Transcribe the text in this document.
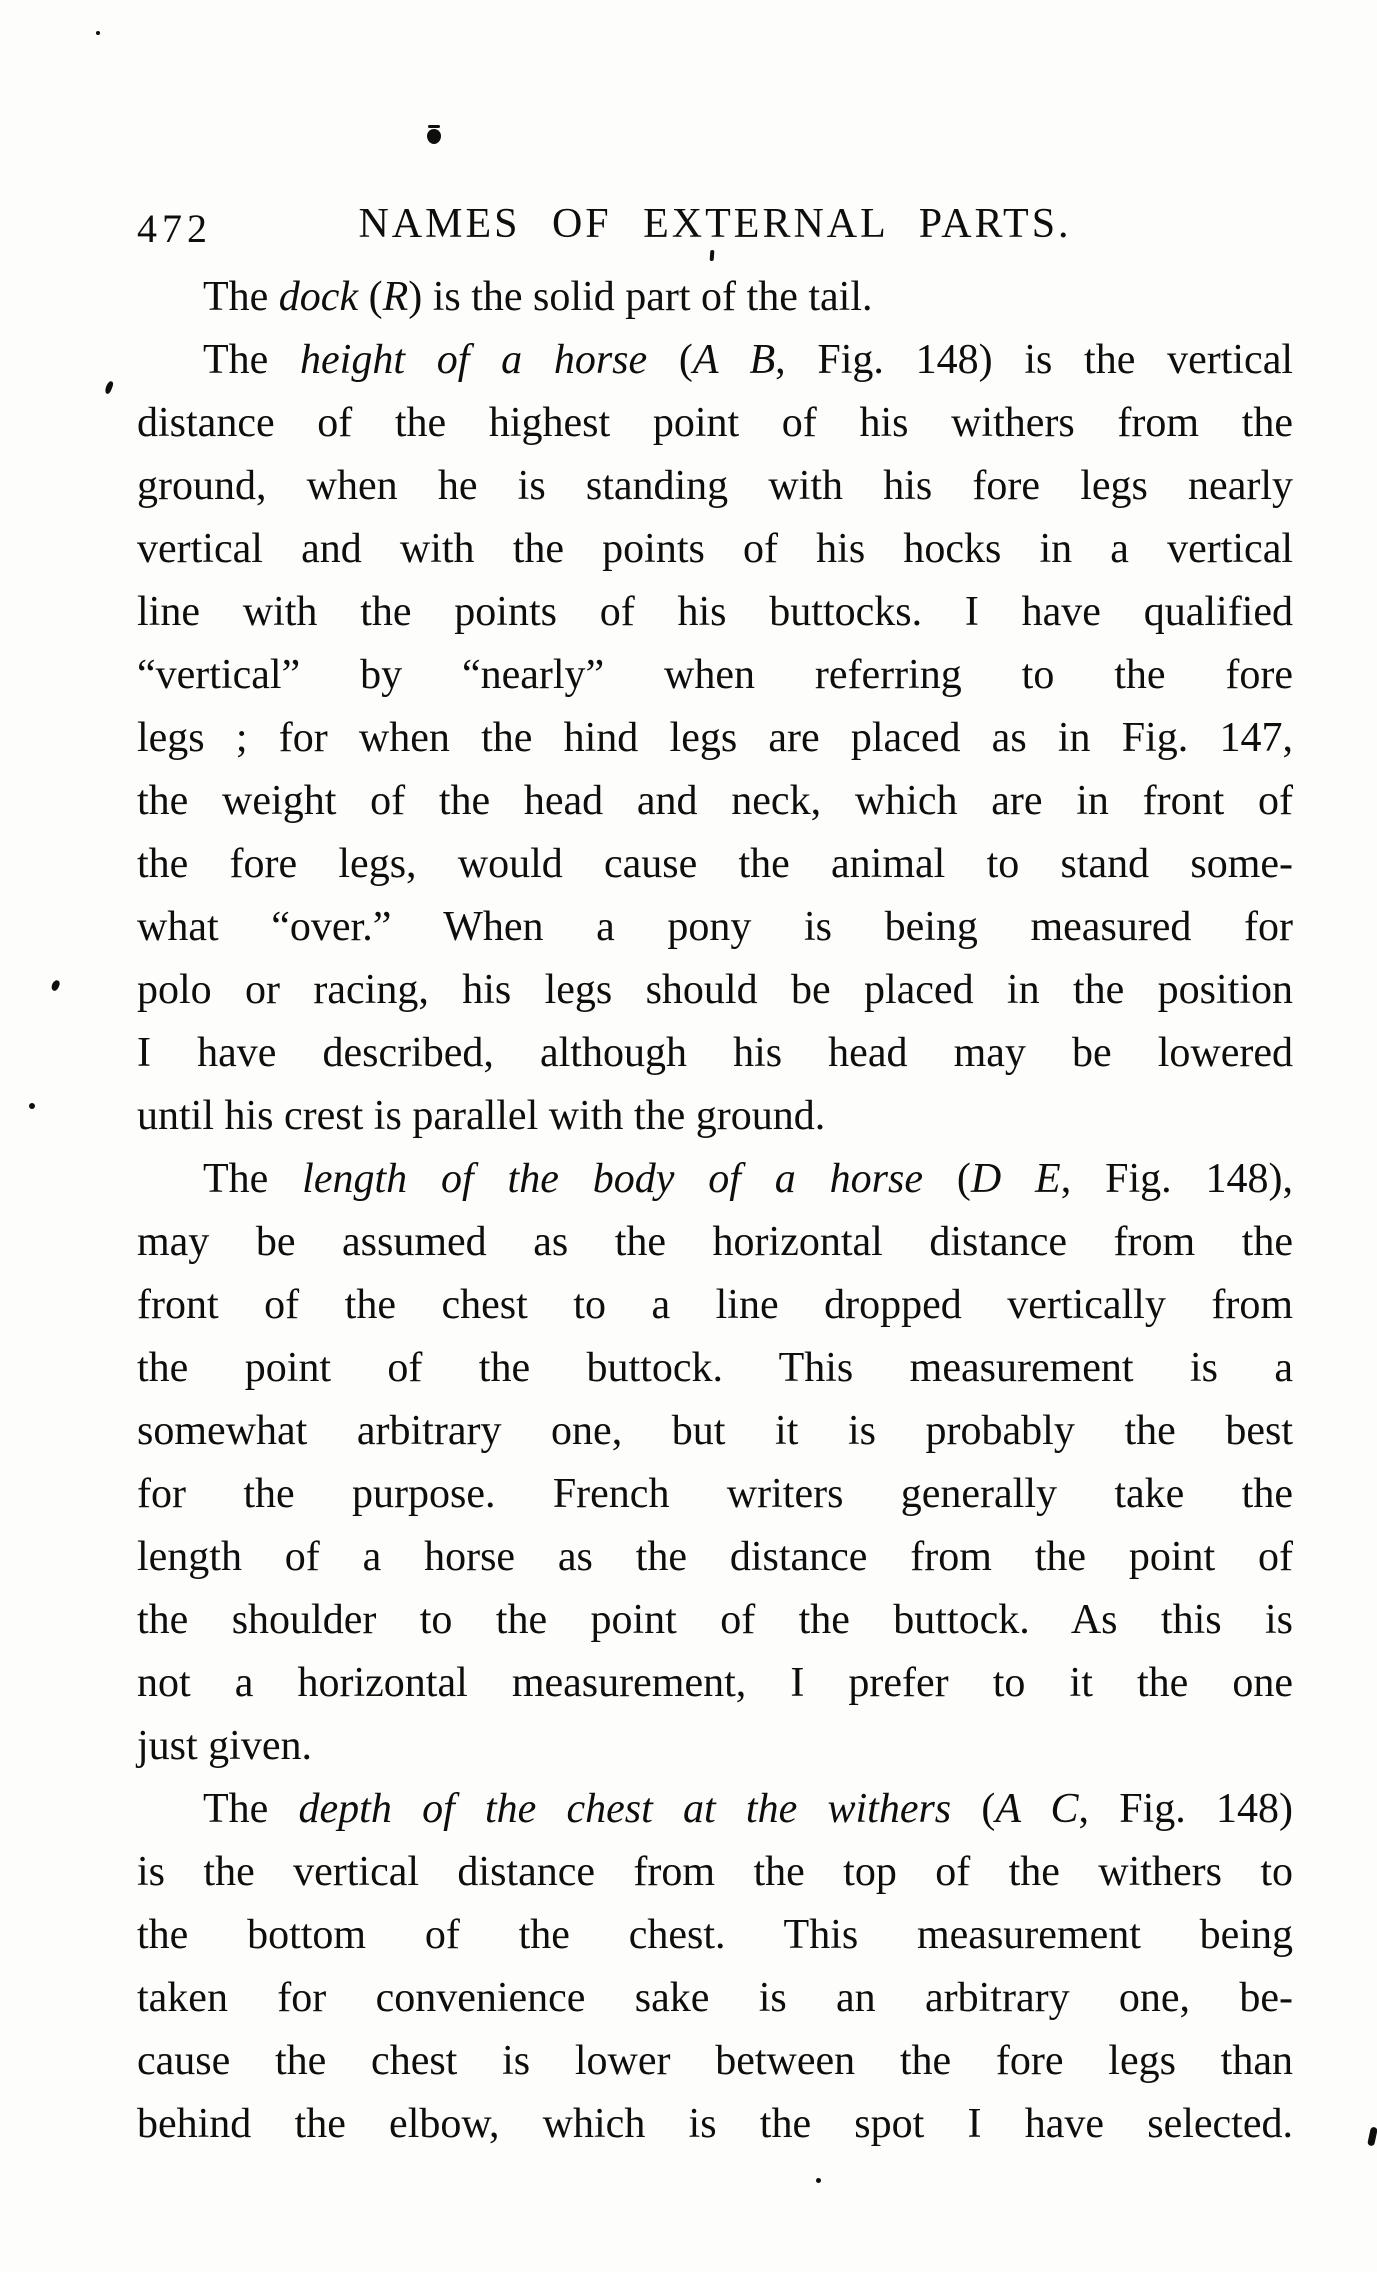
472	NAMES OF EXTERNAL PARTS.
The dock (R) is the solid part of the tail.
The height of a horse (A B, Fig. 148) is the vertical
distance of the highest point of his withers from the
ground, when he is standing with his fore legs nearly
vertical and with the points of his hocks in a vertical
line with the points of his buttocks. I have qualified
“vertical” by “nearly” when referring to the fore
legs ; for when the hind legs are placed as in Fig. 147,
the weight of the head and neck, which are in front of
the fore legs, would cause the animal to stand some-
what “over.” When a pony is being measured for
polo or racing, his legs should be placed in the position
I have described, although his head may be lowered
until his crest is parallel with the ground.
The length of the body of a horse (D E, Fig. 148),
may be assumed as the horizontal distance from the
front of the chest to a line dropped vertically from
the point of the buttock. This measurement is a
somewhat arbitrary one, but it is probably the best
for the purpose. French writers generally take the
length of a horse as the distance from the point of
the shoulder to the point of the buttock. As this is
not a horizontal measurement, I prefer to it the one
just given.
The depth of the chest at the withers (A C, Fig. 148)
is the vertical distance from the top of the withers to
the bottom of the chest. This measurement being
taken for convenience sake is an arbitrary one, be-
cause the chest is lower between the fore legs than
behind the elbow, which is the spot I have selected.
